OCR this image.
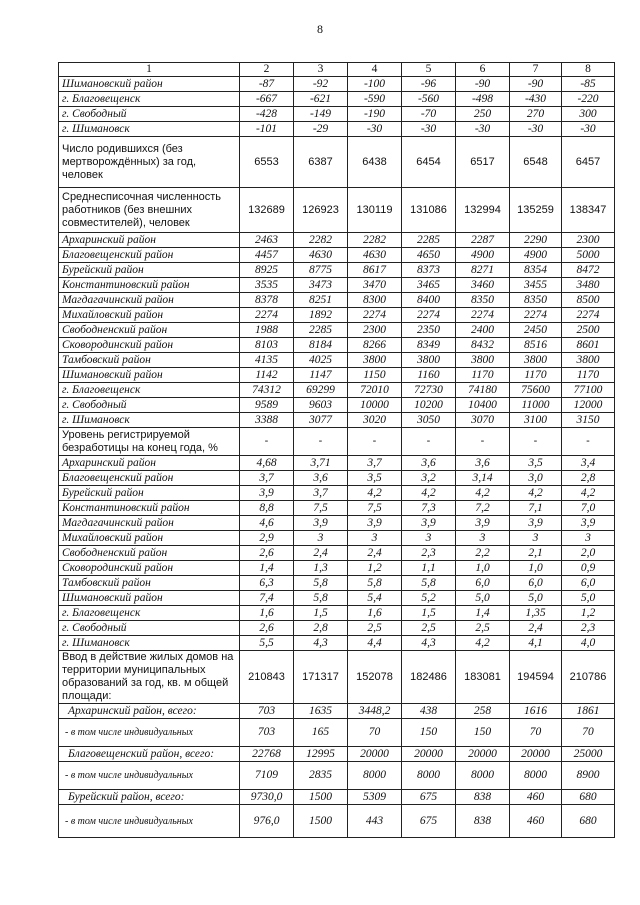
8
1	2	3	4	5	6	7	8
Шимановский район	-87	-92	-100	-96	-90	-90	-85
г. Благовещенск	-667	-621	-590	-560	-498	-430	-220
г. Свободный	-428	-149	-190	-70	250	270	300
г. Шимановск	-101	-29	-30	-30	-30	-30	-30
Число родившихся (без мертворождённых) за год, человек	6553	6387	6438	6454	6517	6548	6457
Среднесписочная численность работников (без внешних совместителей), человек	132689	126923	130119	131086	132994	135259	138347
Архаринский район	2463	2282	2282	2285	2287	2290	2300
Благовещенский район	4457	4630	4630	4650	4900	4900	5000
Бурейский район	8925	8775	8617	8373	8271	8354	8472
Константиновский район	3535	3473	3470	3465	3460	3455	3480
Магдагачинский район	8378	8251	8300	8400	8350	8350	8500
Михайловский район	2274	1892	2274	2274	2274	2274	2274
Свободненский район	1988	2285	2300	2350	2400	2450	2500
Сковородинский район	8103	8184	8266	8349	8432	8516	8601
Тамбовский район	4135	4025	3800	3800	3800	3800	3800
Шимановский район	1142	1147	1150	1160	1170	1170	1170
г. Благовещенск	74312	69299	72010	72730	74180	75600	77100
г. Свободный	9589	9603	10000	10200	10400	11000	12000
г. Шимановск	3388	3077	3020	3050	3070	3100	3150
Уровень регистрируемой безработицы на конец года, %	-	-	-	-	-	-	-
Архаринский район	4,68	3,71	3,7	3,6	3,6	3,5	3,4
Благовещенский район	3,7	3,6	3,5	3,2	3,14	3,0	2,8
Бурейский район	3,9	3,7	4,2	4,2	4,2	4,2	4,2
Константиновский район	8,8	7,5	7,5	7,3	7,2	7,1	7,0
Магдагачинский район	4,6	3,9	3,9	3,9	3,9	3,9	3,9
Михайловский район	2,9	3	3	3	3	3	3
Свободненский район	2,6	2,4	2,4	2,3	2,2	2,1	2,0
Сковородинский район	1,4	1,3	1,2	1,1	1,0	1,0	0,9
Тамбовский район	6,3	5,8	5,8	5,8	6,0	6,0	6,0
Шимановский район	7,4	5,8	5,4	5,2	5,0	5,0	5,0
г. Благовещенск	1,6	1,5	1,6	1,5	1,4	1,35	1,2
г. Свободный	2,6	2,8	2,5	2,5	2,5	2,4	2,3
г. Шимановск	5,5	4,3	4,4	4,3	4,2	4,1	4,0
Ввод в действие жилых домов на территории муниципальных образований за год, кв. м общей площади:	210843	171317	152078	182486	183081	194594	210786
Архаринский район, всего:	703	1635	3448,2	438	258	1616	1861
- в том числе индивидуальных	703	165	70	150	150	70	70
Благовещенский район, всего:	22768	12995	20000	20000	20000	20000	25000
- в том числе индивидуальных	7109	2835	8000	8000	8000	8000	8900
Бурейский район, всего:	9730,0	1500	5309	675	838	460	680
- в том числе индивидуальных	976,0	1500	443	675	838	460	680
